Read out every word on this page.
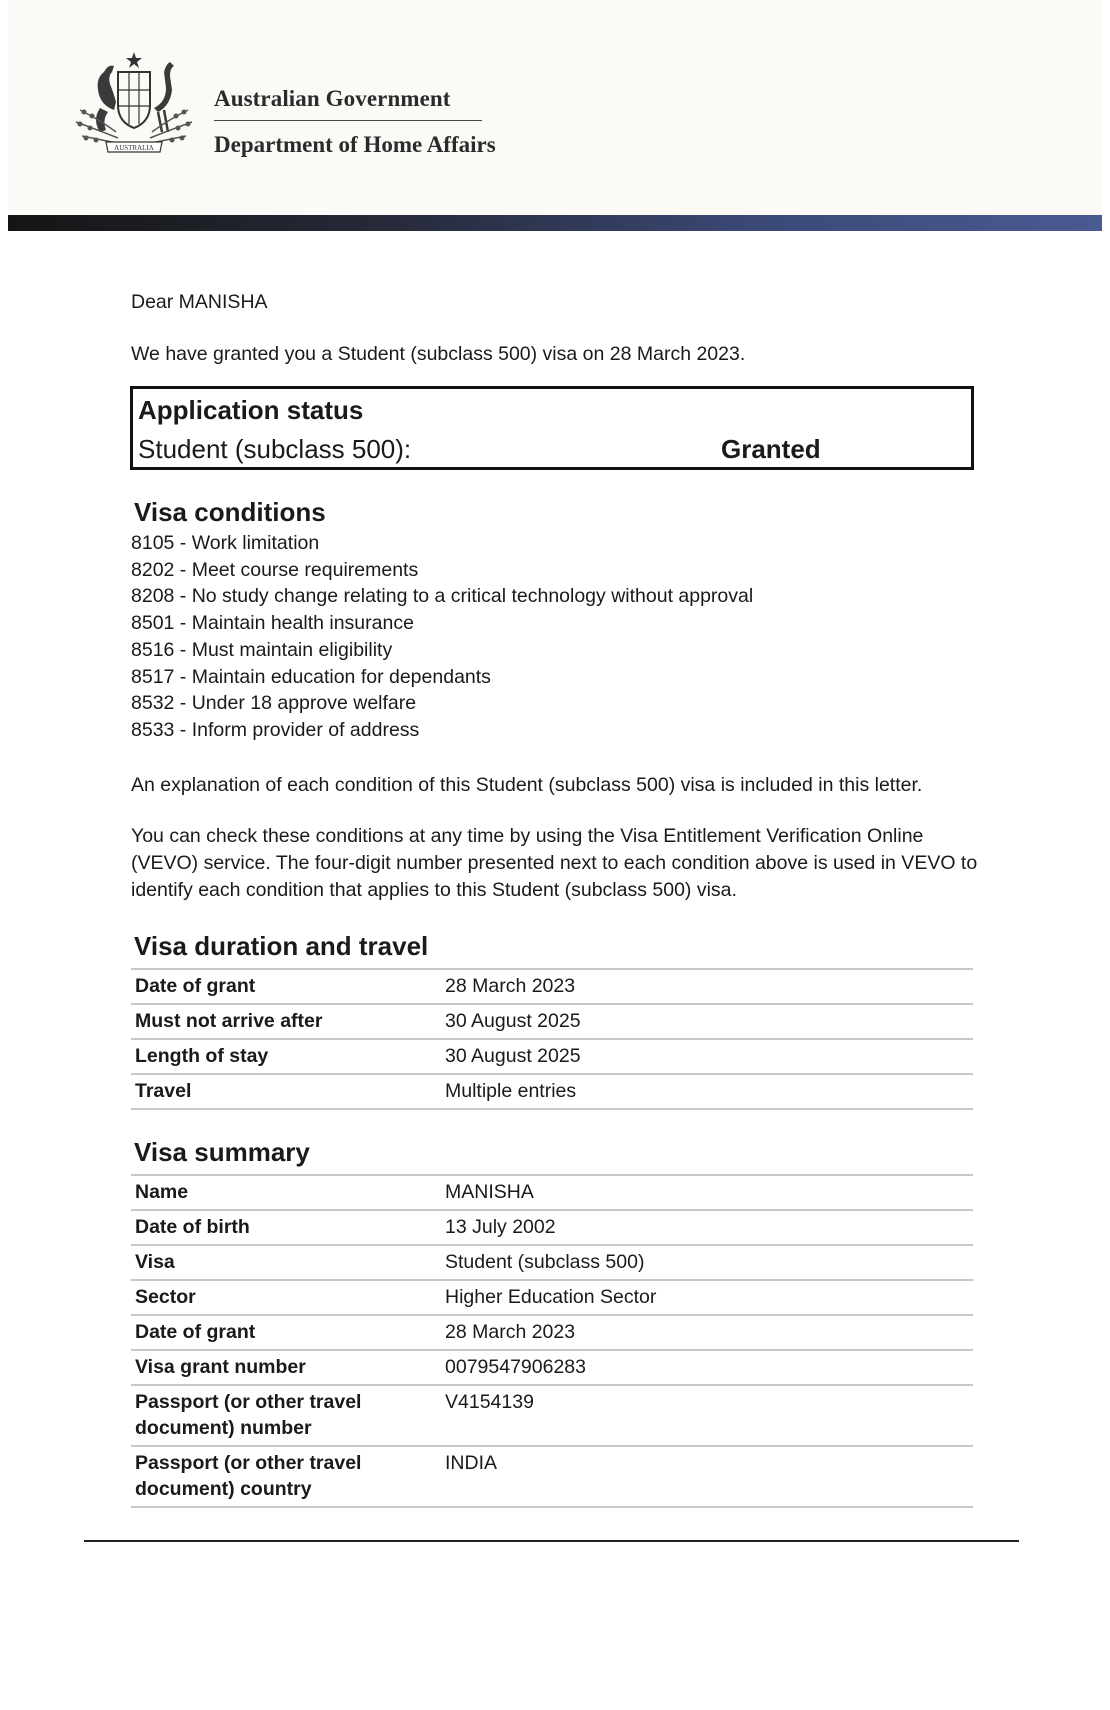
AUSTRALIA
Australian Government
Department of Home Affairs
Dear MANISHA
We have granted you a Student (subclass 500) visa on 28 March 2023.
Application status
Student (subclass 500):	Granted
Visa conditions
8105 - Work limitation
8202 - Meet course requirements
8208 - No study change relating to a critical technology without approval
8501 - Maintain health insurance
8516 - Must maintain eligibility
8517 - Maintain education for dependants
8532 - Under 18 approve welfare
8533 - Inform provider of address

An explanation of each condition of this Student (subclass 500) visa is included in this letter.

You can check these conditions at any time by using the Visa Entitlement Verification Online (VEVO) service. The four-digit number presented next to each condition above is used in VEVO to identify each condition that applies to this Student (subclass 500) visa.

Visa duration and travel
Date of grant	28 March 2023
Must not arrive after	30 August 2025
Length of stay	30 August 2025
Travel	Multiple entries
Visa summary
Name	MANISHA
Date of birth	13 July 2002
Visa	Student (subclass 500)
Sector	Higher Education Sector
Date of grant	28 March 2023
Visa grant number	0079547906283
Passport (or other travel document) number	V4154139
Passport (or other travel document) country	INDIA
